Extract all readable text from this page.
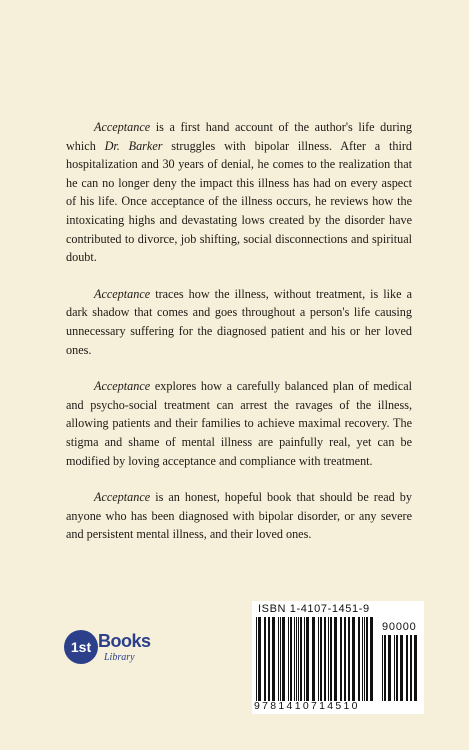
Acceptance is a first hand account of the author's life during which Dr. Barker struggles with bipolar illness. After a third hospitalization and 30 years of denial, he comes to the realization that he can no longer deny the impact this illness has had on every aspect of his life. Once acceptance of the illness occurs, he reviews how the intoxicating highs and devastating lows created by the disorder have contributed to divorce, job shifting, social disconnections and spiritual doubt.

Acceptance traces how the illness, without treatment, is like a dark shadow that comes and goes throughout a person's life causing unnecessary suffering for the diagnosed patient and his or her loved ones.

Acceptance explores how a carefully balanced plan of medical and psycho-social treatment can arrest the ravages of the illness, allowing patients and their families to achieve maximal recovery. The stigma and shame of mental illness are painfully real, yet can be modified by loving acceptance and compliance with treatment.

Acceptance is an honest, hopeful book that should be read by anyone who has been diagnosed with bipolar disorder, or any severe and persistent mental illness, and their loved ones.

1st Books
Library
ISBN 1-4107-1451-9
90000
9781410714510
